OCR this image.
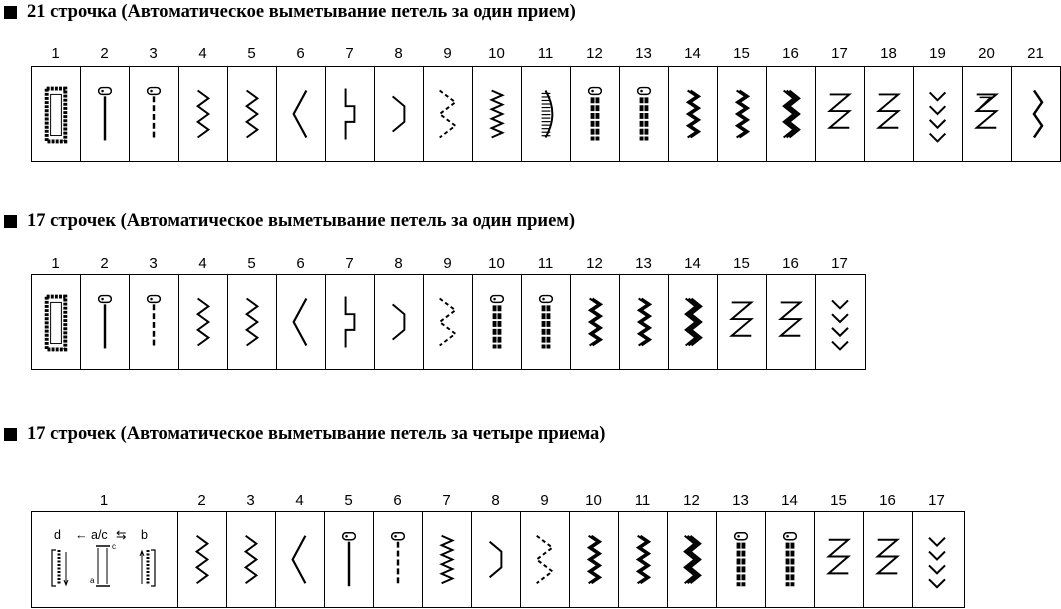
21 строчка (Автоматическое выметывание петель за один прием)
1	2	3	4	5	6	7	8	9	10	11	12	13	14	15	16	17	18	19	20	21
17 строчек (Автоматическое выметывание петель за один прием)
1	2	3	4	5	6	7	8	9	10	11	12	13	14	15	16	17
17 строчек (Автоматическое выметывание петель за четыре приема)
1	2	3	4	5	6	7	8	9	10	11	12	13	14	15	16	17
d ← a/c ⇆ b
c
a
